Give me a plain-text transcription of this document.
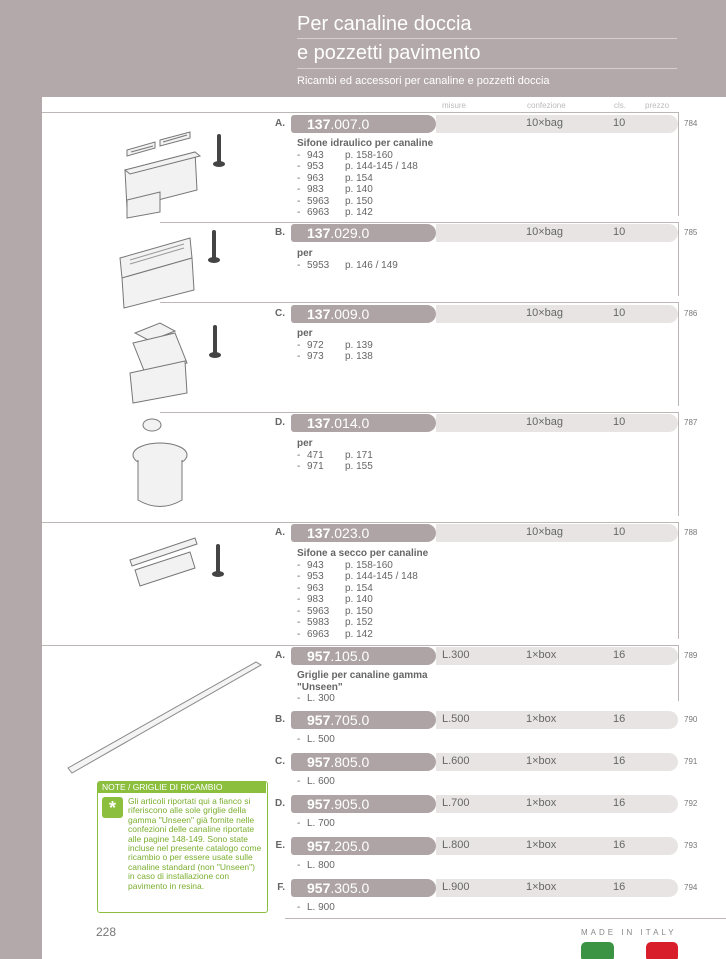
Per canaline doccia
e pozzetti pavimento
Ricambi ed accessori per canaline e pozzetti doccia
misure	confezione	cls. prezzo
A.	137.007.0	10×bag	10	784
Sifone idraulico per canaline
- 943 p. 158-160
- 953 p. 144-145 / 148
- 963 p. 154
- 983 p. 140
- 5963 p. 150
- 6963 p. 142
B.	137.029.0	10×bag	10	785
per
- 5953 p. 146 / 149
C.	137.009.0	10×bag	10	786
per
- 972 p. 139
- 973 p. 138
D.	137.014.0	10×bag	10	787
per
- 471 p. 171
- 971 p. 155
A.	137.023.0	10×bag	10	788
Sifone a secco per canaline
- 943 p. 158-160
- 953 p. 144-145 / 148
- 963 p. 154
- 983 p. 140
- 5963 p. 150
- 5983 p. 152
- 6963 p. 142
A.	957.105.0	L.300	1×box	16	789
Griglie per canaline gamma "Unseen"
- L. 300
B.	957.705.0	L.500	1×box	16	790
- L. 500
C.	957.805.0	L.600	1×box	16	791
- L. 600
D.	957.905.0	L.700	1×box	16	792
- L. 700
E.	957.205.0	L.800	1×box	16	793
- L. 800
F.	957.305.0	L.900	1×box	16	794
- L. 900
NOTE / GRIGLIE DI RICAMBIO
*	Gli articoli riportati qui a fianco si riferiscono alle sole griglie della gamma "Unseen" già fornite nelle confezioni delle canaline riportate alle pagine 148-149. Sono state incluse nel presente catalogo come ricambio o per essere usate sulle canaline standard (non "Unseen") in caso di installazione con pavimento in resina.
228	MADE IN ITALY
